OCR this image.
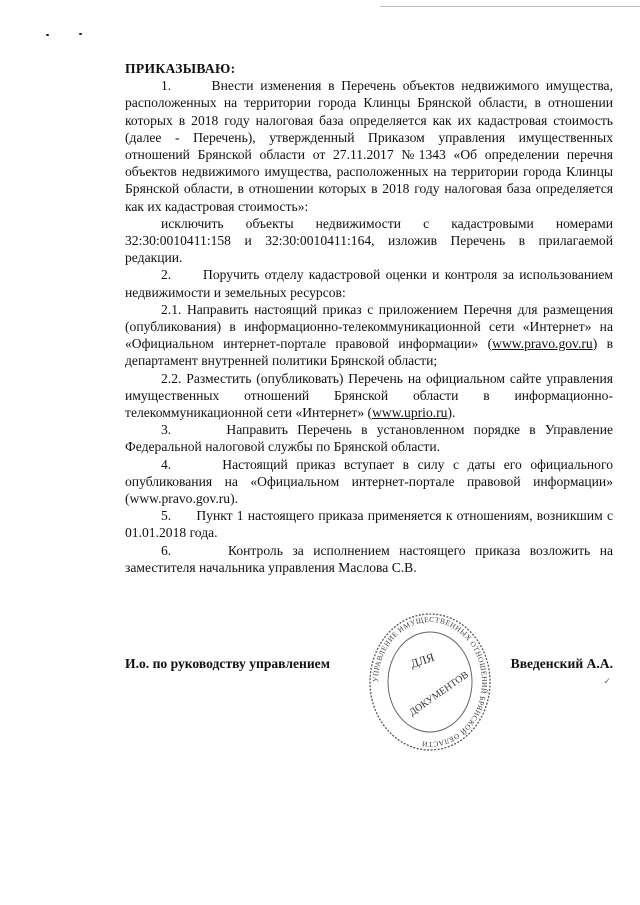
ПРИКАЗЫВАЮ:

1.	Внести изменения в Перечень объектов недвижимого имущества, расположенных на территории города Клинцы Брянской области, в отношении которых в 2018 году налоговая база определяется как их кадастровая стоимость (далее - Перечень), утвержденный Приказом управления имущественных отношений Брянской области от 27.11.2017 №1343 «Об определении перечня объектов недвижимого имущества, расположенных на территории города Клинцы Брянской области, в отношении которых в 2018 году налоговая база определяется как их кадастровая стоимость»:

исключить объекты недвижимости с кадастровыми номерами 32:30:0010411:158 и 32:30:0010411:164, изложив Перечень в прилагаемой редакции.

2. Поручить отделу кадастровой оценки и контроля за использованием недвижимости и земельных ресурсов:

2.1. Направить настоящий приказ с приложением Перечня для размещения (опубликования) в информационно-телекоммуникационной сети «Интернет» на «Официальном интернет-портале правовой информации» (www.pravo.gov.ru) в департамент внутренней политики Брянской области;

2.2. Разместить (опубликовать) Перечень на официальном сайте управления имущественных отношений Брянской области в информационно-телекоммуникационной сети «Интернет» (www.uprio.ru).

3.	Направить Перечень в установленном порядке в Управление Федеральной налоговой службы по Брянской области.

4.	Настоящий приказ вступает в силу с даты его официального опубликования на «Официальном интернет-портале правовой информации» (www.pravo.gov.ru).

5. Пункт 1 настоящего приказа применяется к отношениям, возникшим с 01.01.2018 года.

6.	Контроль за исполнением настоящего приказа возложить на заместителя начальника управления Маслова С.В.

И.о. по руководству управлением	Введенский А.А.
✓
УПРАВЛЕНИЕ ИМУЩЕСТВЕННЫХ ОТНОШЕНИЙ БРЯНСКОЙ ОБЛАСТИ
ДЛЯ
ДОКУМЕНТОВ
